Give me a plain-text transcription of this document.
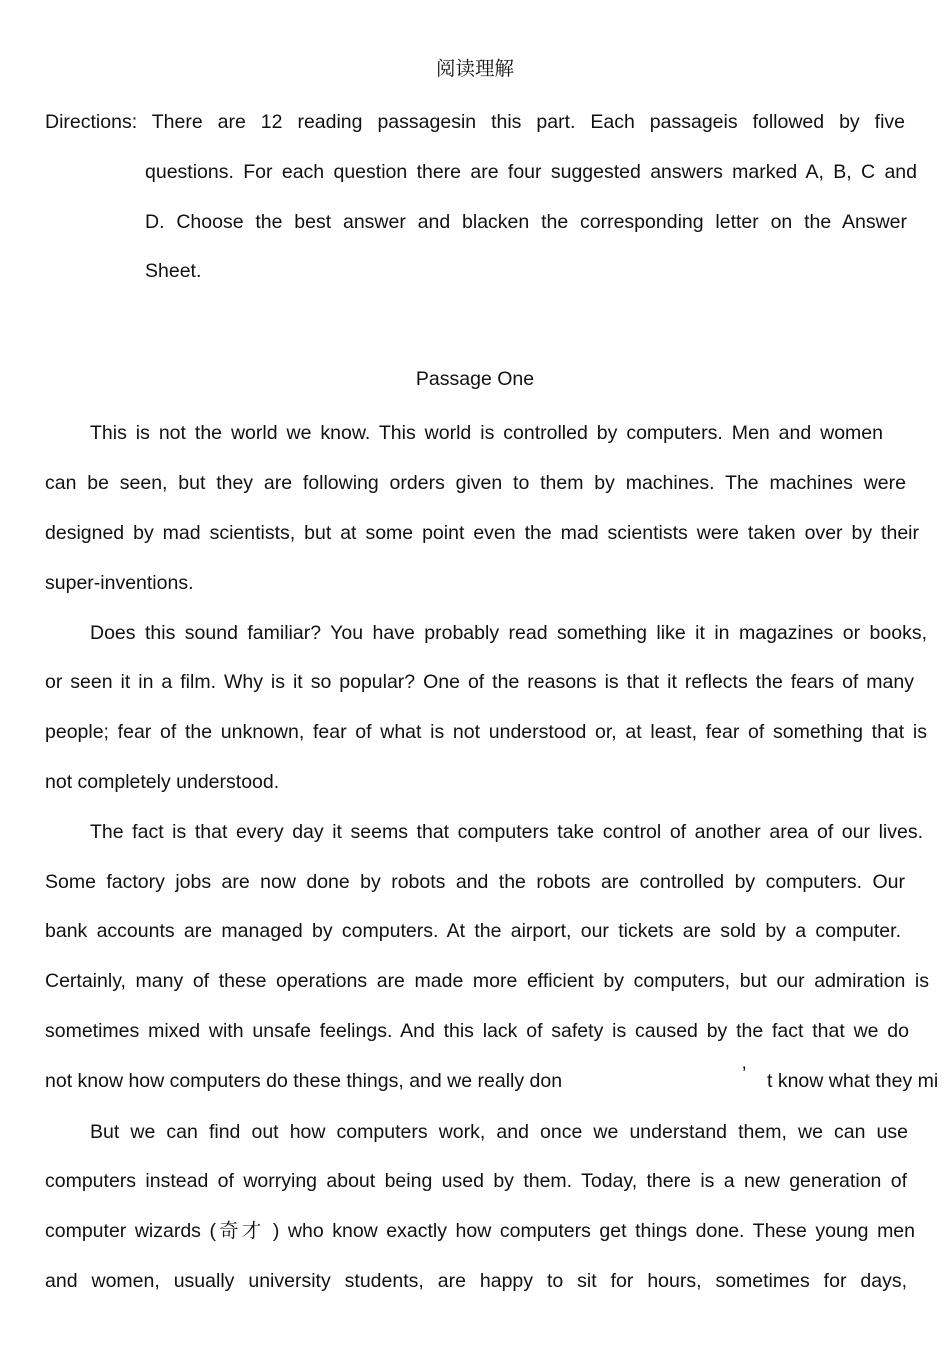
阅读理解
Directions: There are 12 reading passagesin this part. Each passageis followed by five
questions. For each question there are four suggested answers marked A, B, C and
D. Choose the best answer and blacken the corresponding letter on the Answer
Sheet.
Passage One
This is not the world we know. This world is controlled by computers. Men and women
can be seen, but they are following orders given to them by machines. The machines were
designed by mad scientists, but at some point even the mad scientists were taken over by their
super-inventions.
Does this sound familiar? You have probably read something like it in magazines or books,
or seen it in a film. Why is it so popular? One of the reasons is that it reflects the fears of many
people; fear of the unknown, fear of what is not understood or, at least, fear of something that is
not completely understood.
The fact is that every day it seems that computers take control of another area of our lives.
Some factory jobs are now done by robots and the robots are controlled by computers. Our
bank accounts are managed by computers. At the airport, our tickets are sold by a computer.
Certainly, many of these operations are made more efficient by computers, but our admiration is
sometimes mixed with unsafe feelings. And this lack of safety is caused by the fact that we do
not know how computers do these things, and we really don	’ t know what they mi
But we can find out how computers work, and once we understand them, we can use
computers instead of worrying about being used by them. Today, there is a new generation of
computer wizards (奇才 ) who know exactly how computers get things done. These young men
and women, usually university students, are happy to sit for hours, sometimes for days,
